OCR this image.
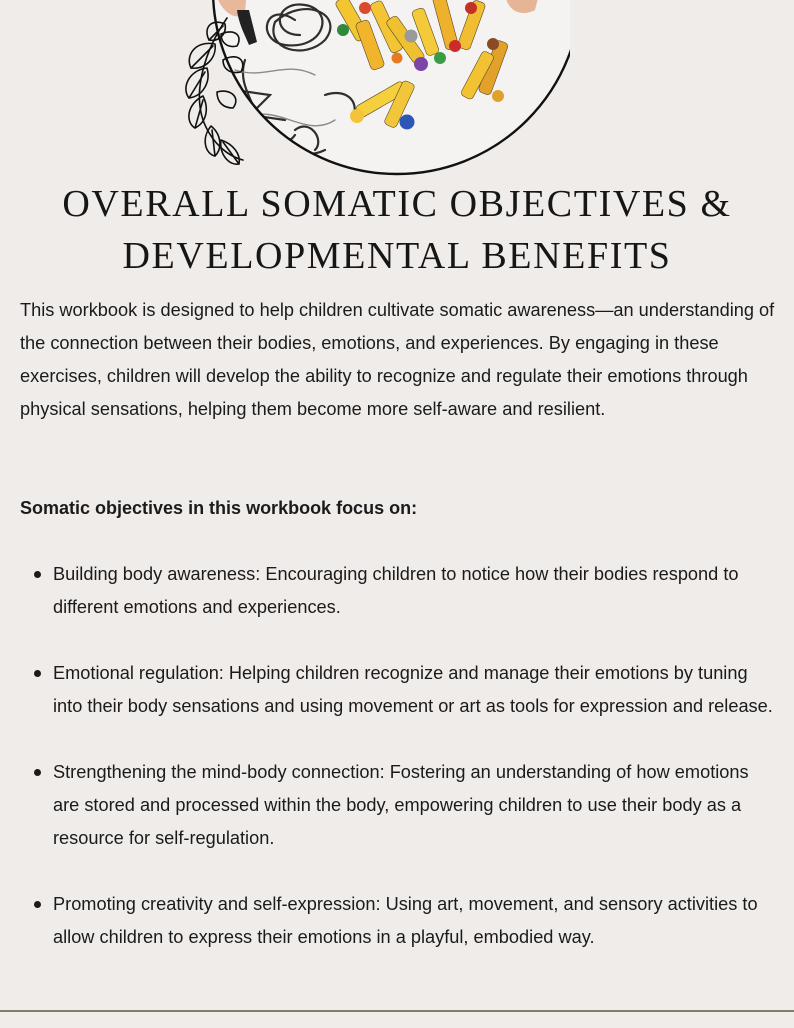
OVERALL SOMATIC OBJECTIVES &
DEVELOPMENTAL BENEFITS

This workbook is designed to help children cultivate somatic awareness—an understanding of the connection between their bodies, emotions, and experiences. By engaging in these exercises, children will develop the ability to recognize and regulate their emotions through physical sensations, helping them become more self-aware and resilient.

Somatic objectives in this workbook focus on:

Building body awareness: Encouraging children to notice how their bodies respond to different emotions and experiences.
Emotional regulation: Helping children recognize and manage their emotions by tuning into their body sensations and using movement or art as tools for expression and release.
Strengthening the mind-body connection: Fostering an understanding of how emotions are stored and processed within the body, empowering children to use their body as a resource for self-regulation.
Promoting creativity and self-expression: Using art, movement, and sensory activities to allow children to express their emotions in a playful, embodied way.
